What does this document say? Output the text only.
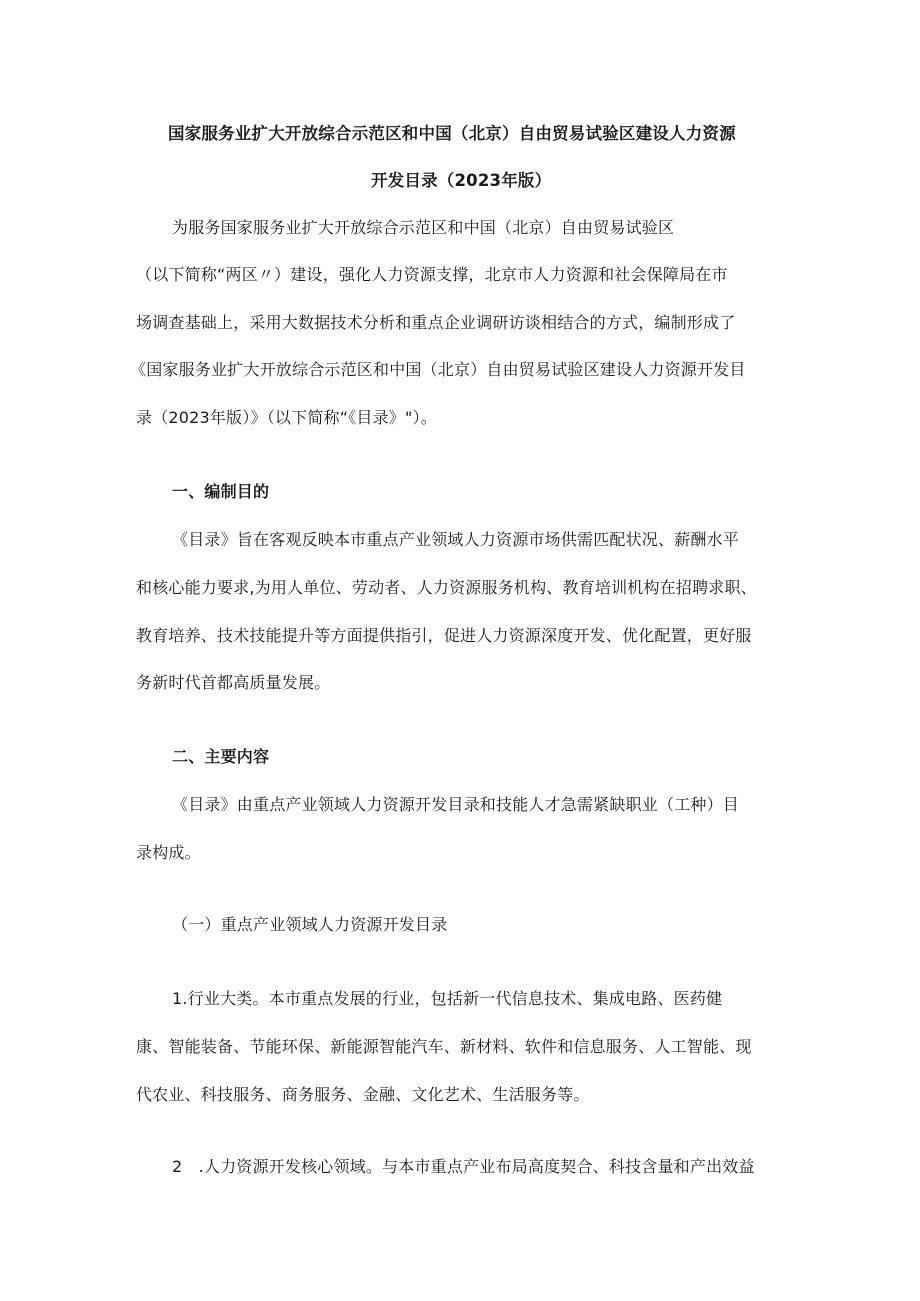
国家服务业扩大开放综合示范区和中国（北京）自由贸易试验区建设人力资源
开发目录（2023年版）
为服务国家服务业扩大开放综合示范区和中国（北京）自由贸易试验区
（以下简称“两区〃）建设，强化人力资源支撑，北京市人力资源和社会保障局在市
场调查基础上，采用大数据技术分析和重点企业调研访谈相结合的方式，编制形成了
《国家服务业扩大开放综合示范区和中国（北京）自由贸易试验区建设人力资源开发目
录（2023年版）》（以下简称“《目录》"）。
一、编制目的
《目录》旨在客观反映本市重点产业领域人力资源市场供需匹配状况、薪酬水平
和核心能力要求,为用人单位、劳动者、人力资源服务机构、教育培训机构在招聘求职、
教育培养、技术技能提升等方面提供指引，促进人力资源深度开发、优化配置，更好服
务新时代首都高质量发展。
二、主要内容
《目录》由重点产业领域人力资源开发目录和技能人才急需紧缺职业（工种）目
录构成。
（一）重点产业领域人力资源开发目录
1.行业大类。本市重点发展的行业，包括新一代信息技术、集成电路、医药健
康、智能装备、节能环保、新能源智能汽车、新材料、软件和信息服务、人工智能、现
代农业、科技服务、商务服务、金融、文化艺术、生活服务等。
2　.人力资源开发核心领域。与本市重点产业布局高度契合、科技含量和产出效益
